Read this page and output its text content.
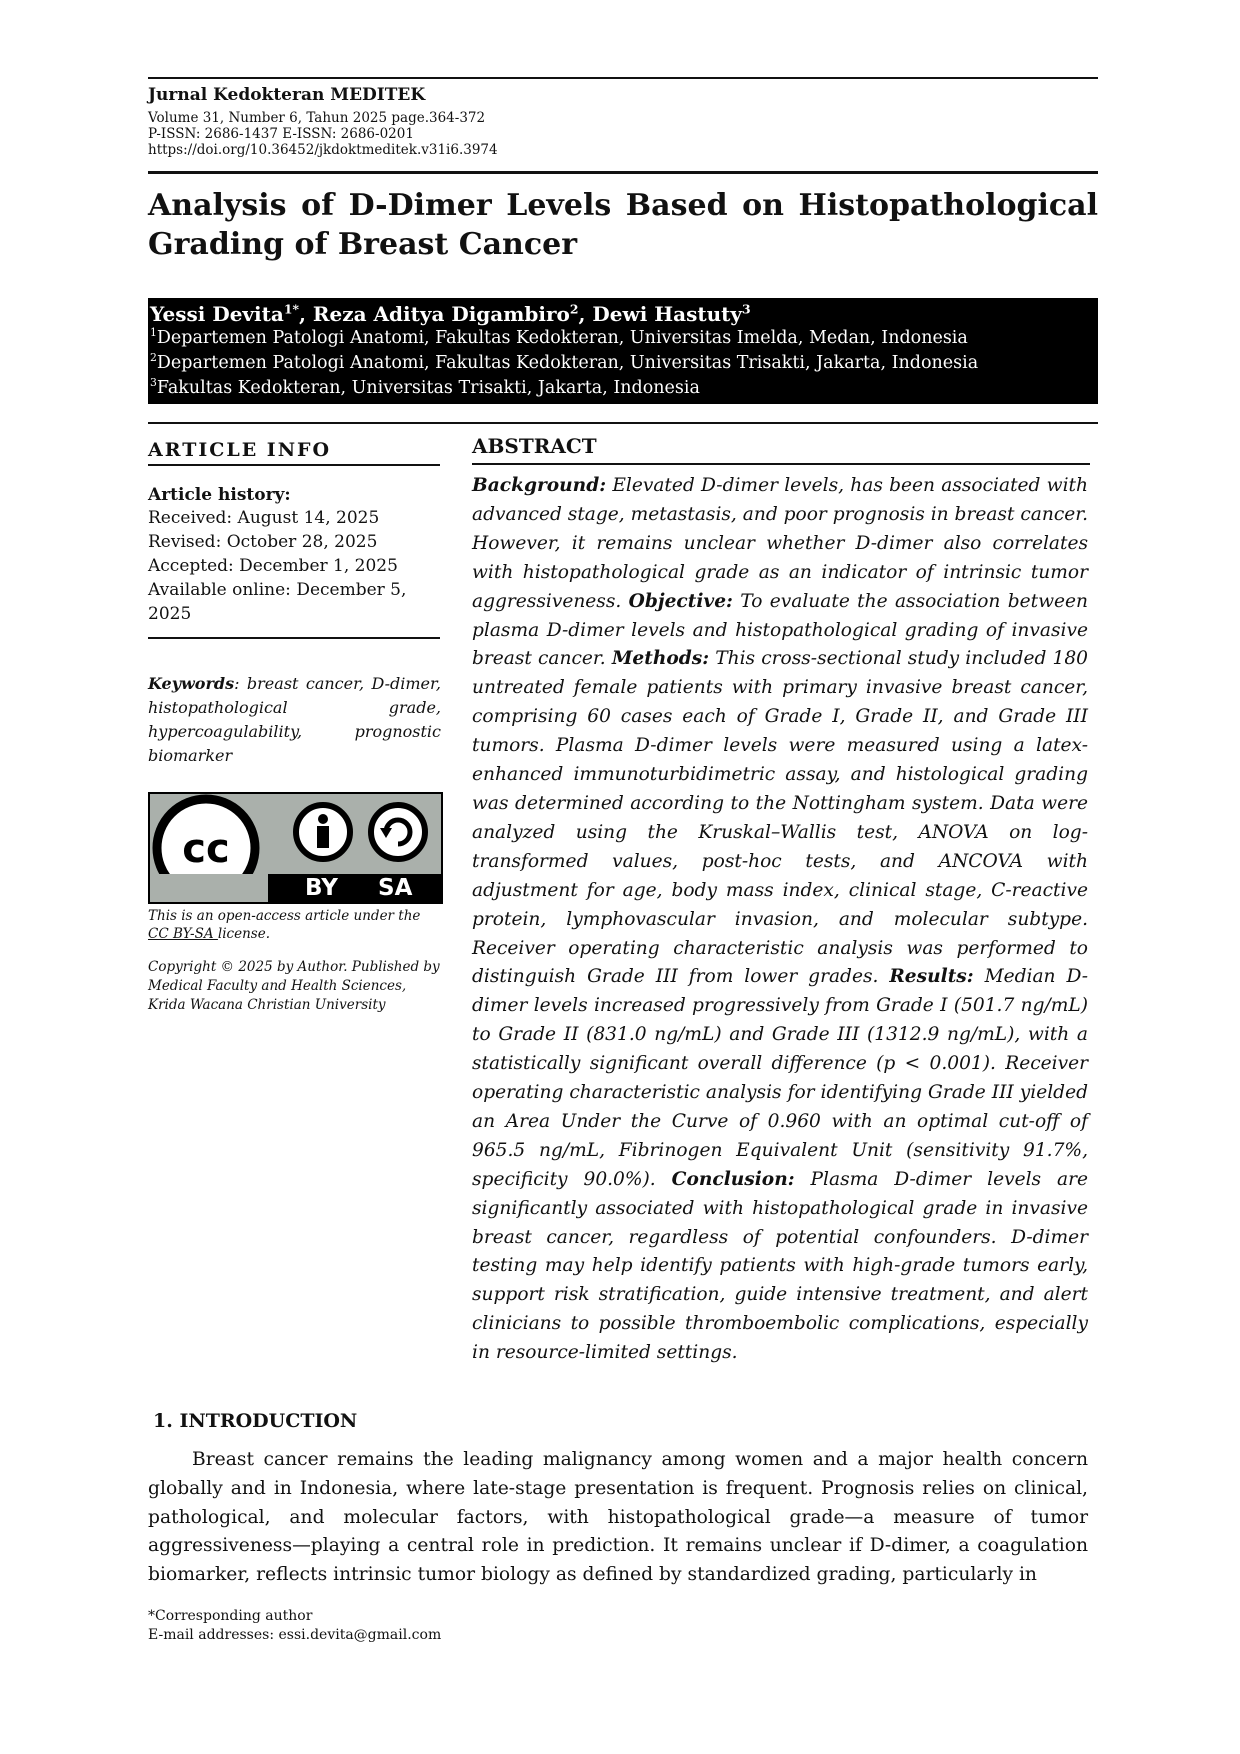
Jurnal Kedokteran MEDITEK
Volume 31, Number 6, Tahun 2025 page.364-372
P-ISSN: 2686-1437 E-ISSN: 2686-0201
https://doi.org/10.36452/jkdoktmeditek.v31i6.3974
Analysis of D-Dimer Levels Based on Histopathological Grading of Breast Cancer
Yessi Devita$^{1*}$, Reza Aditya Digambiro$^2$, Dewi Hastuty$^3$
$^1$Departemen Patologi Anatomi, Fakultas Kedokteran, Universitas Imelda, Medan, Indonesia
$^2$Departemen Patologi Anatomi, Fakultas Kedokteran, Universitas Trisakti, Jakarta, Indonesia
$^3$Fakultas Kedokteran, Universitas Trisakti, Jakarta, Indonesia
ARTICLE INFO
Article history:
Received: August 14, 2025
Revised: October 28, 2025
Accepted: December 1, 2025
Available online: December 5,
2025
Keywords: breast cancer, D-dimer, histopathological grade, hypercoagulability, prognostic biomarker
cc
BY SA
This is an open-access article under the CC BY-SA license.
Copyright © 2025 by Author. Published by Medical Faculty and Health Sciences, Krida Wacana Christian University
ABSTRACT
Background: Elevated D-dimer levels, has been associated with advanced stage, metastasis, and poor prognosis in breast cancer. However, it remains unclear whether D-dimer also correlates with histopathological grade as an indicator of intrinsic tumor aggressiveness. Objective: To evaluate the association between plasma D-dimer levels and histopathological grading of invasive breast cancer. Methods: This cross-sectional study included 180 untreated female patients with primary invasive breast cancer, comprising 60 cases each of Grade I, Grade II, and Grade III tumors. Plasma D-dimer levels were measured using a latex-enhanced immunoturbidimetric assay, and histological grading was determined according to the Nottingham system. Data were analyzed using the Kruskal–Wallis test, ANOVA on log-transformed values, post-hoc tests, and ANCOVA with adjustment for age, body mass index, clinical stage, C-reactive protein, lymphovascular invasion, and molecular subtype. Receiver operating characteristic analysis was performed to distinguish Grade III from lower grades. Results: Median D-dimer levels increased progressively from Grade I (501.7 ng/mL) to Grade II (831.0 ng/mL) and Grade III (1312.9 ng/mL), with a statistically significant overall difference (p < 0.001). Receiver operating characteristic analysis for identifying Grade III yielded an Area Under the Curve of 0.960 with an optimal cut-off of 965.5 ng/mL, Fibrinogen Equivalent Unit (sensitivity 91.7%, specificity 90.0%). Conclusion: Plasma D-dimer levels are significantly associated with histopathological grade in invasive breast cancer, regardless of potential confounders. D-dimer testing may help identify patients with high-grade tumors early, support risk stratification, guide intensive treatment, and alert clinicians to possible thromboembolic complications, especially in resource-limited settings.
1. INTRODUCTION
Breast cancer remains the leading malignancy among women and a major health concern globally and in Indonesia, where late-stage presentation is frequent. Prognosis relies on clinical, pathological, and molecular factors, with histopathological grade—a measure of tumor aggressiveness—playing a central role in prediction. It remains unclear if D-dimer, a coagulation biomarker, reflects intrinsic tumor biology as defined by standardized grading, particularly in
*Corresponding author
E-mail addresses: essi.devita@gmail.com
